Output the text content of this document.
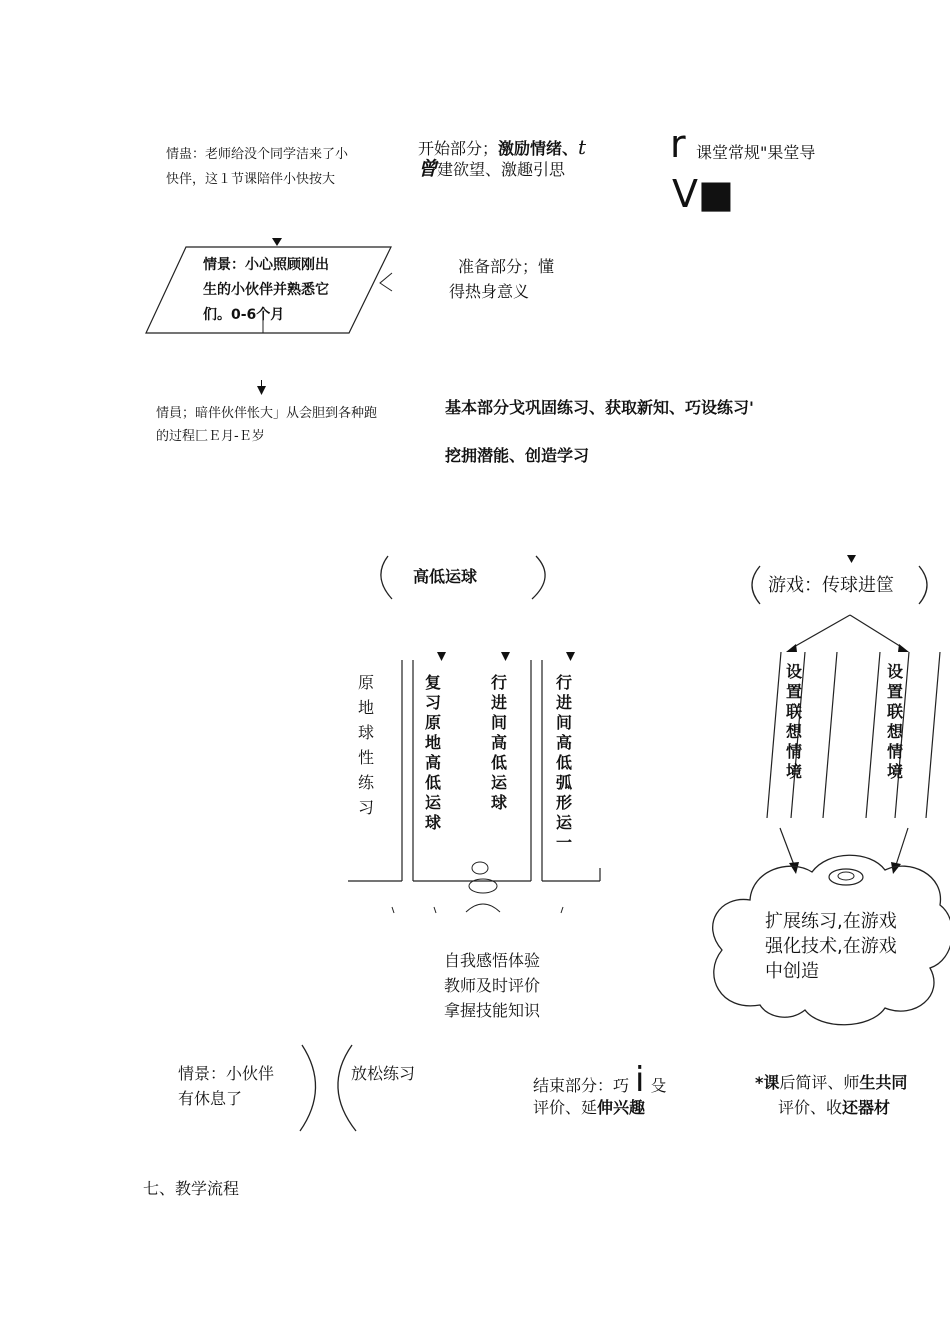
情蛊：老师给没个同学洁来了小
快伴，这１节课陪伴小快按大
开始部分；激励情绪、t
曾建欲望、激趣引思
r 课堂常规"果堂导
V■
情景：小心照顾刚出
生的小伙伴并熟悉它
们。0-6个月
准备部分；懂
得热身意义
情員；暗伴伙伴怅大」从会胆到各种跑
的过程匚Ｅ月-Ｅ岁
基本部分戈巩固练习、获取新知、巧设练习'
挖拥潜能、创造学习
高低运球	游戏：传球进筐
原地球性练习
复习原地高低运球
行进间高低运球
行进间高低弧形运一
设置联想情境
设置联想情境
扩展练习,在游戏
强化技术,在游戏
中创造
自我感悟体验
教师及时评价
拿握技能知识
情景：小伙伴
有休息了
放松练习
结束部分：巧 i 殳
评价、延伸兴趣
*课后简评、师生共同
评价、收还器材
七、教学流程
